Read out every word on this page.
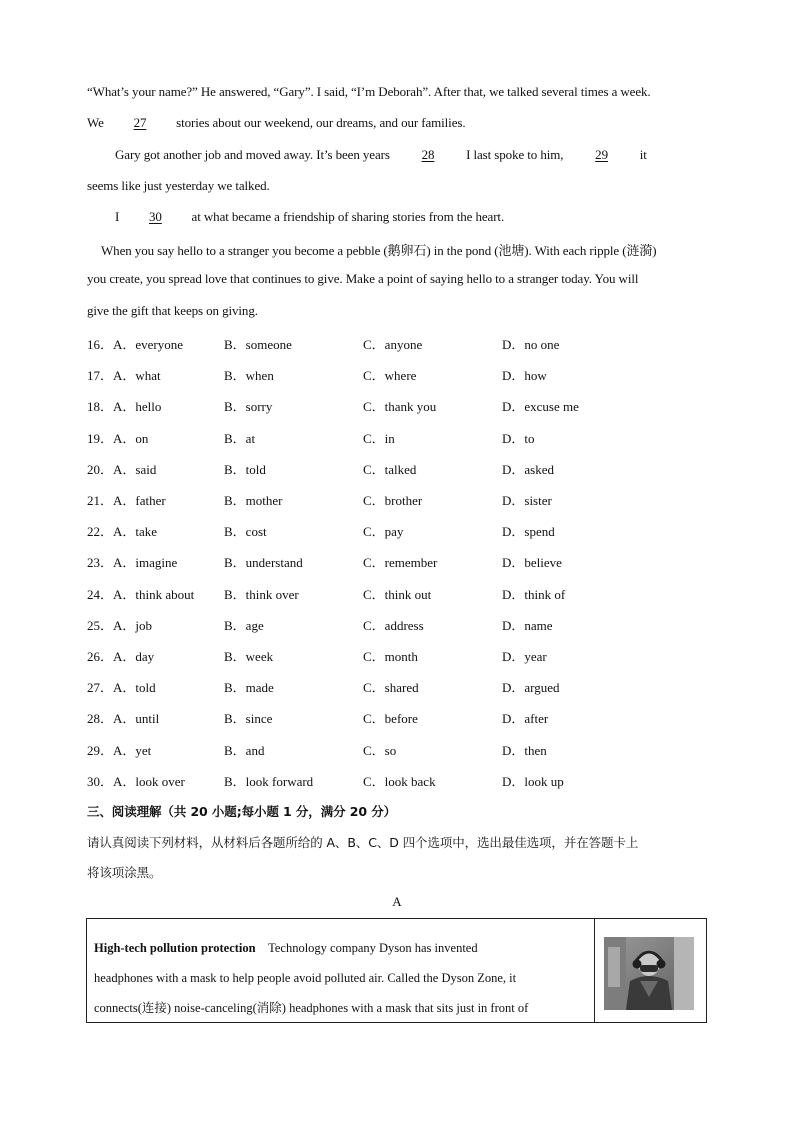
“What’s your name?” He answered, “Gary”. I said, “I’m Deborah”. After that, we talked several times a week.
We 27 stories about our weekend, our dreams, and our families.
Gary got another job and moved away. It’s been years 28 I last spoke to him, 29 it
seems like just yesterday we talked.
I 30 at what became a friendship of sharing stories from the heart.
When you say hello to a stranger you become a pebble (鹅卵石) in the pond (池塘). With each ripple (涟漪)
you create, you spread love that continues to give. Make a point of saying hello to a stranger today. You will
give the gift that keeps on giving.
16．A．everyone	B．someone	C．anyone	D．no one
17．A．what	B．when	C．where	D．how
18．A．hello	B．sorry	C．thank you	D．excuse me
19．A．on	B．at	C．in	D．to
20．A．said	B．told	C．talked	D．asked
21．A．father	B．mother	C．brother	D．sister
22．A．take	B．cost	C．pay	D．spend
23．A．imagine	B．understand	C．remember	D．believe
24．A．think about B．think over	C．think out	D．think of
25．A．job	B．age	C．address	D．name
26．A．day	B．week	C．month	D．year
27．A．told	B．made	C．shared	D．argued
28．A．until	B．since	C．before	D．after
29．A．yet	B．and	C．so	D．then
30．A．look over	B．look forward	C．look back	D．look up
三、阅读理解（共 20 小题;每小题 1 分，满分 20 分）
请认真阅读下列材料，从材料后各题所给的 A、B、C、D 四个选项中，选出最佳选项，并在答题卡上
将该项涂黑。
A
High-tech pollution protection Technology company Dyson has invented
headphones with a mask to help people avoid polluted air. Called the Dyson Zone, it
connects(连接) noise-canceling(消除) headphones with a mask that sits just in front of
